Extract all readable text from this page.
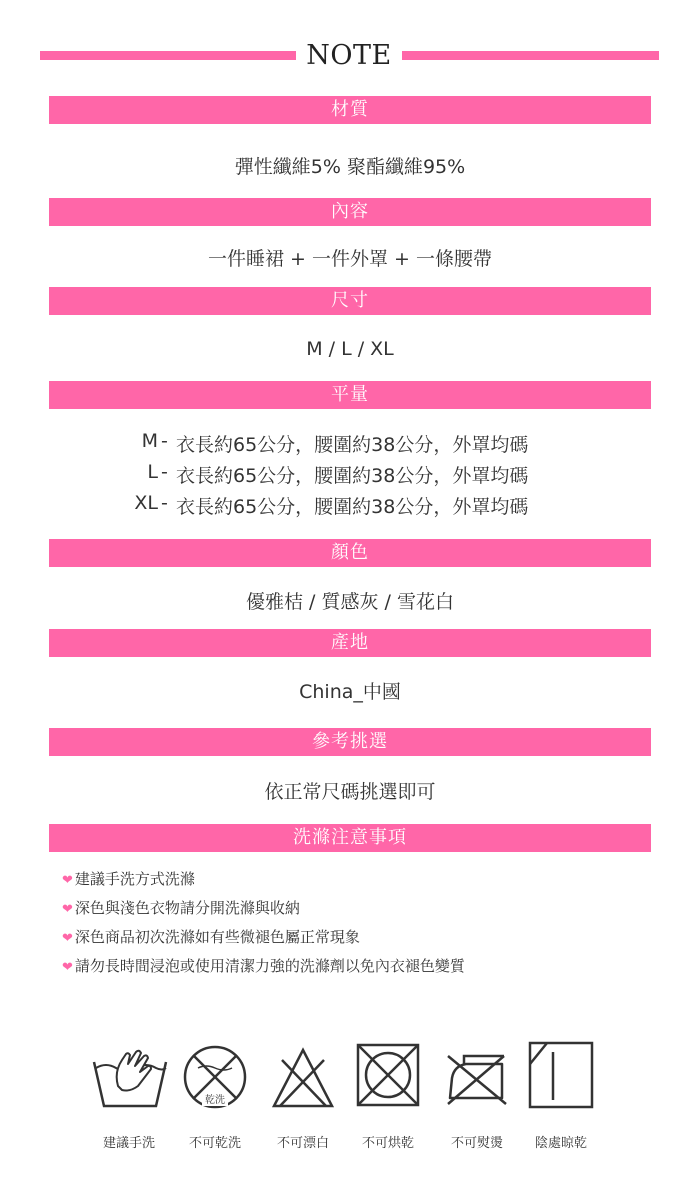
NOTE
材質
彈性纖維5% 聚酯纖維95%
內容
一件睡裙 + 一件外罩 + 一條腰帶
尺寸
M / L / XL
平量
M - 衣長約65公分，腰圍約38公分，外罩均碼
L - 衣長約65公分，腰圍約38公分，外罩均碼
XL - 衣長約65公分，腰圍約38公分，外罩均碼
顏色
優雅桔 / 質感灰 / 雪花白
產地
China_中國
參考挑選
依正常尺碼挑選即可
洗滌注意事項
❤ 建議手洗方式洗滌
❤ 深色與淺色衣物請分開洗滌與收納
❤ 深色商品初次洗滌如有些微褪色屬正常現象
❤ 請勿長時間浸泡或使用清潔力強的洗滌劑以免內衣褪色變質
建議手洗
乾洗
不可乾洗	不可漂白	不可烘乾	不可熨燙	陰處晾乾
